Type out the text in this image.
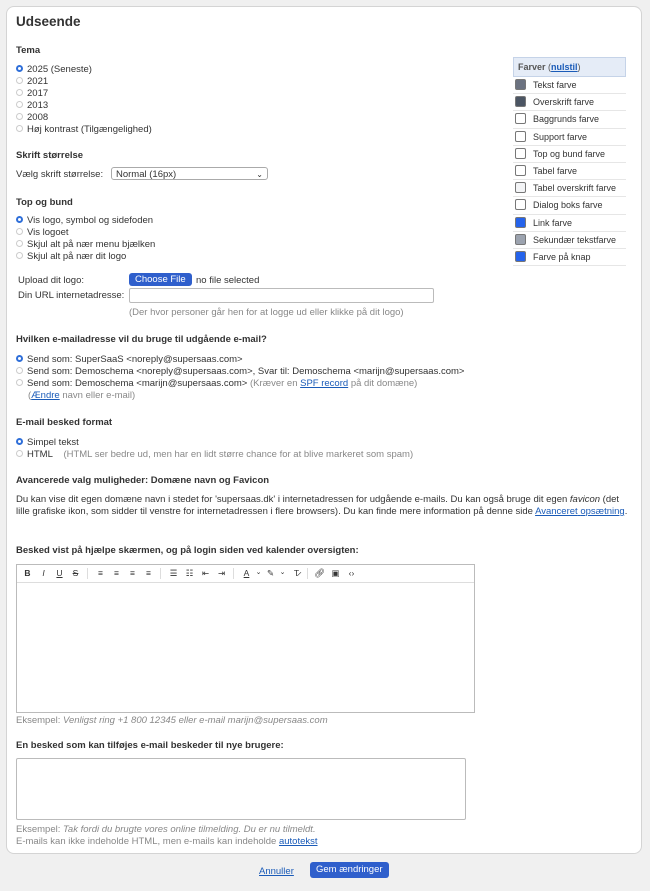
Udseende
Tema
2025 (Seneste)
2021
2017
2013
2008
Høj kontrast (Tilgængelighed)
Farver (nulstil)
Tekst farve
Overskrift farve
Baggrunds farve
Support farve
Top og bund farve
Tabel farve
Tabel overskrift farve
Dialog boks farve
Link farve
Sekundær tekstfarve
Farve på knap
Skrift størrelse
Vælg skrift størrelse:	Normal (16px)	⌄
Top og bund
Vis logo, symbol og sidefoden
Vis logoet
Skjul alt på nær menu bjælken
Skjul alt på nær dit logo
Upload dit logo:	Choose File	no file selected
Din URL internetadresse:
(Der hvor personer går hen for at logge ud eller klikke på dit logo)
Hvilken e-mailadresse vil du bruge til udgående e-mail?
Send som: SuperSaaS <noreply@supersaas.com>
Send som: Demoschema <noreply@supersaas.com>, Svar til: Demoschema <marijn@supersaas.com>
Send som: Demoschema <marijn@supersaas.com> (Kræver en SPF record på dit domæne)
(Ændre navn eller e-mail)
E-mail besked format
Simpel tekst
HTML (HTML ser bedre ud, men har en lidt større chance for at blive markeret som spam)
Avancerede valg muligheder: Domæne navn og Favicon
Du kan vise dit egen domæne navn i stedet for 'supersaas.dk' i internetadressen for udgående e-mails. Du kan også bruge dit egen favicon (det lille grafiske ikon, som sidder til venstre for internetadressen i flere browsers). Du kan finde mere information på denne side Avanceret opsætning.
Besked vist på hjælpe skærmen, og på login siden ved kalender oversigten:
B	I	U	S	≡	≡	≡	≡	☰ ☷ ⇤ ⇥	A ⌄ ✎ ⌄ T̷	🔗︎ ▣	‹›
Eksempel: Venligst ring +1 800 12345 eller e-mail marijn@supersaas.com
En besked som kan tilføjes e-mail beskeder til nye brugere:
Eksempel: Tak fordi du brugte vores online tilmelding. Du er nu tilmeldt.
E-mails kan ikke indeholde HTML, men e-mails kan indeholde autotekst
Annuller	Gem ændringer
